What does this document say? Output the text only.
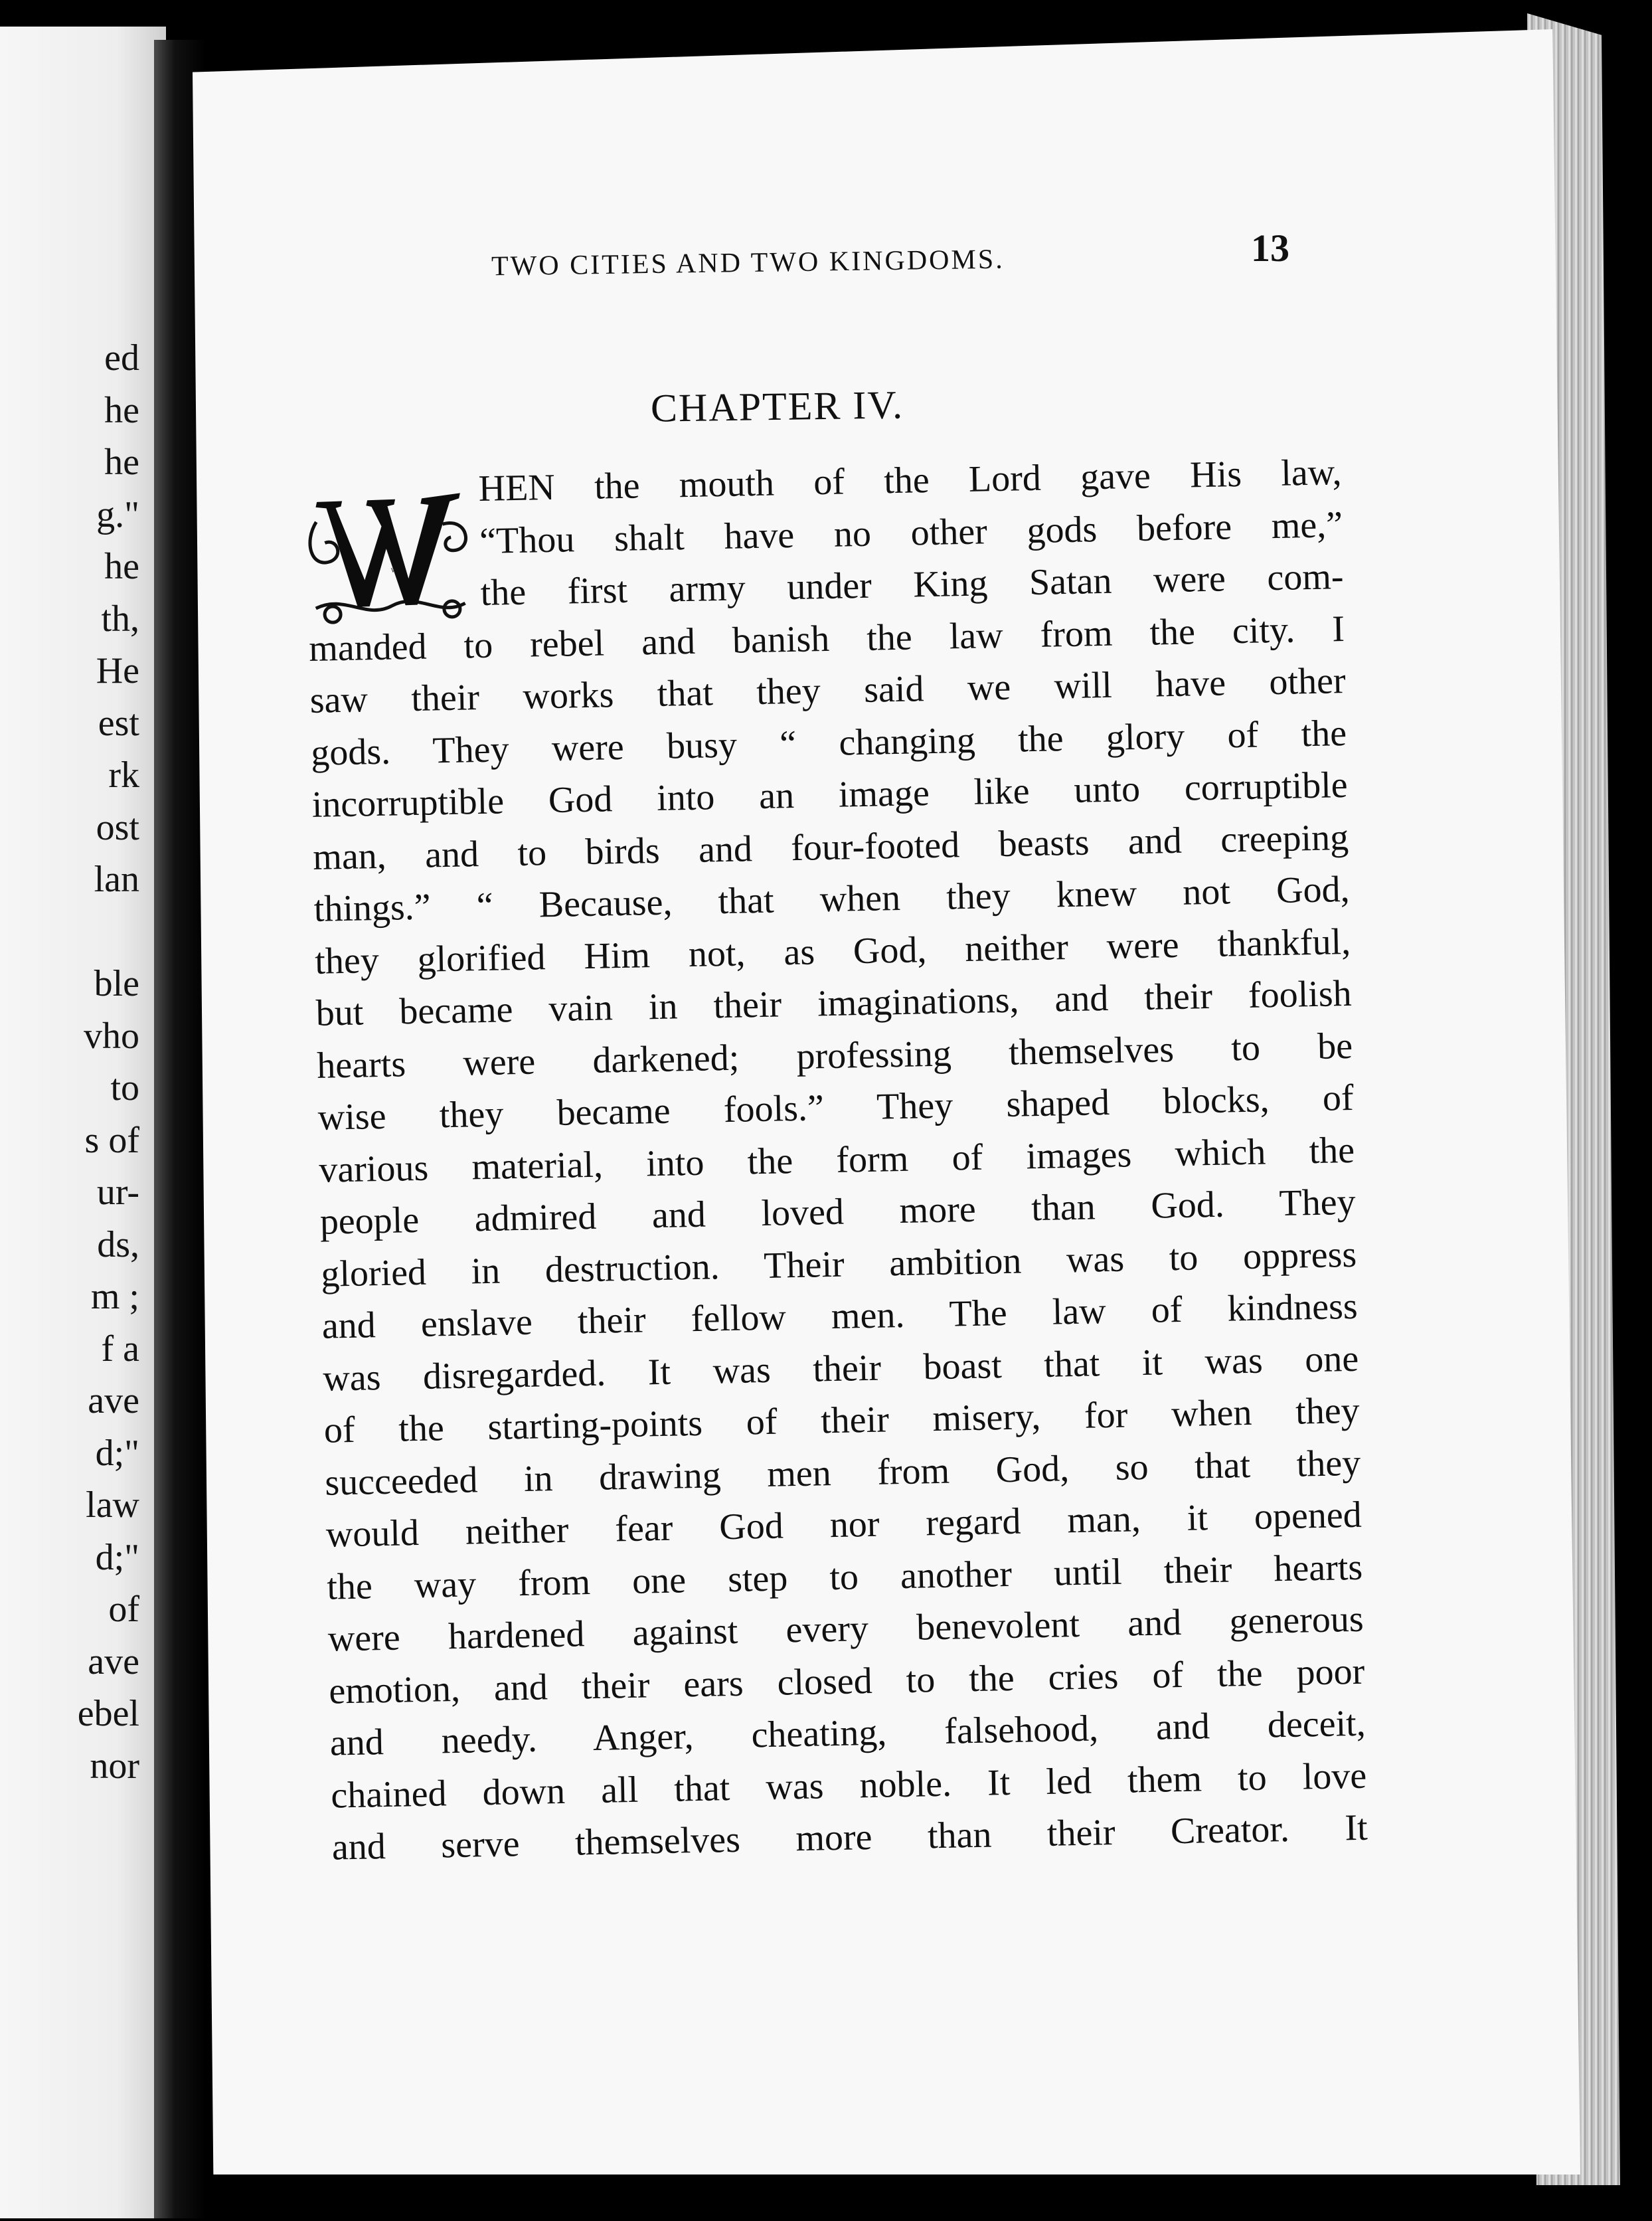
ed
he
he
g."
he
th,
He
est
rk
ost
lan
ble
vho
to
s of
ur-
ds,
m ;
f a
ave
d;"
law
d;"
of
ave
ebel
nor
TWO CITIES AND TWO KINGDOMS.	13
CHAPTER IV.
W
HEN the mouth of the Lord gave His law,
“Thou shalt have no other gods before me,”
the first army under King Satan were com-
manded to rebel and banish the law from the city. I
saw their works that they said we will have other
gods. They were busy “ changing the glory of the
incorruptible God into an image like unto corruptible
man, and to birds and four-footed beasts and creeping
things.” “ Because, that when they knew not God,
they glorified Him not, as God, neither were thankful,
but became vain in their imaginations, and their foolish
hearts were darkened; professing themselves to be
wise they became fools.” They shaped blocks, of
various material, into the form of images which the
people admired and loved more than God. They
gloried in destruction. Their ambition was to oppress
and enslave their fellow men. The law of kindness
was disregarded. It was their boast that it was one
of the starting-points of their misery, for when they
succeeded in drawing men from God, so that they
would neither fear God nor regard man, it opened
the way from one step to another until their hearts
were hardened against every benevolent and generous
emotion, and their ears closed to the cries of the poor
and needy. Anger, cheating, falsehood, and deceit,
chained down all that was noble. It led them to love
and serve themselves more than their Creator. It
